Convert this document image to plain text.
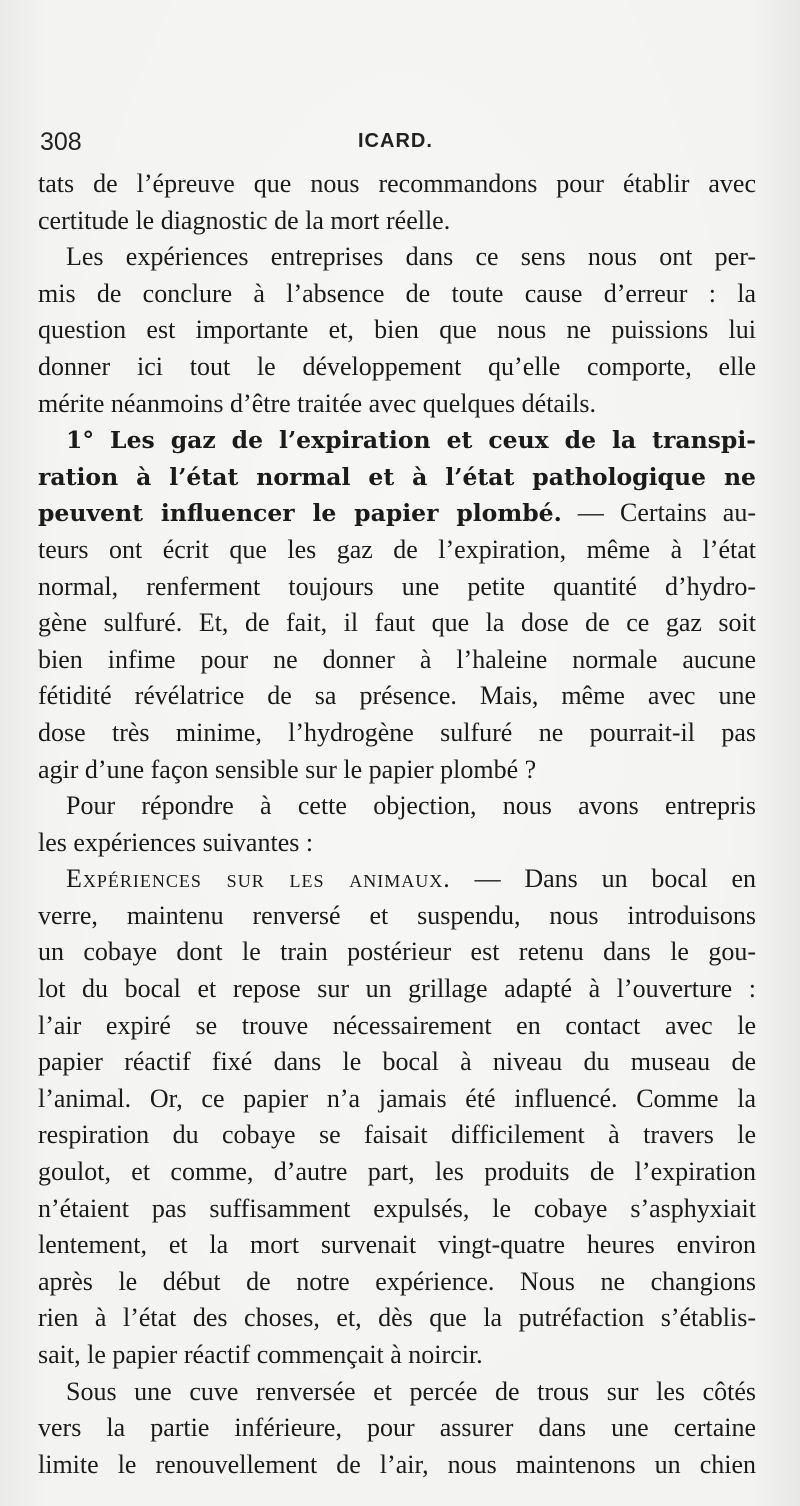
308	ICARD.
tats de l’épreuve que nous recommandons pour établir avec
certitude le diagnostic de la mort réelle.
Les expériences entreprises dans ce sens nous ont per-
mis de conclure à l’absence de toute cause d’erreur : la
question est importante et, bien que nous ne puissions lui
donner ici tout le développement qu’elle comporte, elle
mérite néanmoins d’être traitée avec quelques détails.
1° Les gaz de l’expiration et ceux de la transpi-
ration à l’état normal et à l’état pathologique ne
peuvent influencer le papier plombé. — Certains au-
teurs ont écrit que les gaz de l’expiration, même à l’état
normal, renferment toujours une petite quantité d’hydro-
gène sulfuré. Et, de fait, il faut que la dose de ce gaz soit
bien infime pour ne donner à l’haleine normale aucune
fétidité révélatrice de sa présence. Mais, même avec une
dose très minime, l’hydrogène sulfuré ne pourrait-il pas
agir d’une façon sensible sur le papier plombé ?
Pour répondre à cette objection, nous avons entrepris
les expériences suivantes :
Expériences sur les animaux. — Dans un bocal en
verre, maintenu renversé et suspendu, nous introduisons
un cobaye dont le train postérieur est retenu dans le gou-
lot du bocal et repose sur un grillage adapté à l’ouverture :
l’air expiré se trouve nécessairement en contact avec le
papier réactif fixé dans le bocal à niveau du museau de
l’animal. Or, ce papier n’a jamais été influencé. Comme la
respiration du cobaye se faisait difficilement à travers le
goulot, et comme, d’autre part, les produits de l’expiration
n’étaient pas suffisamment expulsés, le cobaye s’asphyxiait
lentement, et la mort survenait vingt-quatre heures environ
après le début de notre expérience. Nous ne changions
rien à l’état des choses, et, dès que la putréfaction s’établis-
sait, le papier réactif commençait à noircir.
Sous une cuve renversée et percée de trous sur les côtés
vers la partie inférieure, pour assurer dans une certaine
limite le renouvellement de l’air, nous maintenons un chien
